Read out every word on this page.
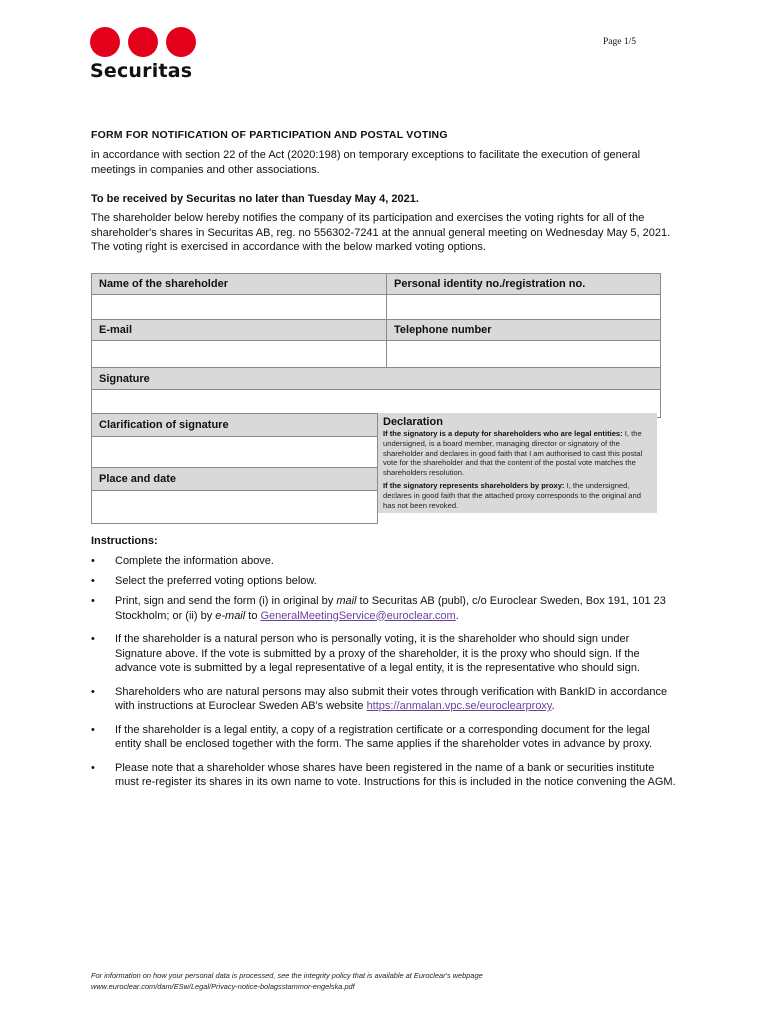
Securitas
Page 1/5
FORM FOR NOTIFICATION OF PARTICIPATION AND POSTAL VOTING
in accordance with section 22 of the Act (2020:198) on temporary exceptions to facilitate the execution of general meetings in companies and other associations.
To be received by Securitas no later than Tuesday May 4, 2021.
The shareholder below hereby notifies the company of its participation and exercises the voting rights for all of the shareholder's shares in Securitas AB, reg. no 556302-7241 at the annual general meeting on Wednesday May 5, 2021. The voting right is exercised in accordance with the below marked voting options.
Name of the shareholder	Personal identity no./registration no.

E-mail	Telephone number

Signature	

Clarification of signature
Place and date
Declaration

If the signatory is a deputy for shareholders who are legal entities: I, the undersigned, is a board member, managing director or signatory of the shareholder and declares in good faith that I am authorised to cast this postal vote for the shareholder and that the content of the postal vote matches the shareholders resolution.

If the signatory represents shareholders by proxy: I, the undersigned, declares in good faith that the attached proxy corresponds to the original and has not been revoked.

Instructions:
• Complete the information above.
• Select the preferred voting options below.
• Print, sign and send the form (i) in original by mail to Securitas AB (publ), c/o Euroclear Sweden, Box 191, 101 23 Stockholm; or (ii) by e-mail to GeneralMeetingService@euroclear.com.
• If the shareholder is a natural person who is personally voting, it is the shareholder who should sign under Signature above. If the vote is submitted by a proxy of the shareholder, it is the proxy who should sign. If the advance vote is submitted by a legal representative of a legal entity, it is the representative who should sign.
• Shareholders who are natural persons may also submit their votes through verification with BankID in accordance with instructions at Euroclear Sweden AB's website https://anmalan.vpc.se/euroclearproxy.
• If the shareholder is a legal entity, a copy of a registration certificate or a corresponding document for the legal entity shall be enclosed together with the form. The same applies if the shareholder votes in advance by proxy.
• Please note that a shareholder whose shares have been registered in the name of a bank or securities institute must re-register its shares in its own name to vote. Instructions for this is included in the notice convening the AGM.
For information on how your personal data is processed, see the integrity policy that is available at Euroclear's webpage
www.euroclear.com/dam/ESw/Legal/Privacy-notice-bolagsstammor-engelska.pdf
